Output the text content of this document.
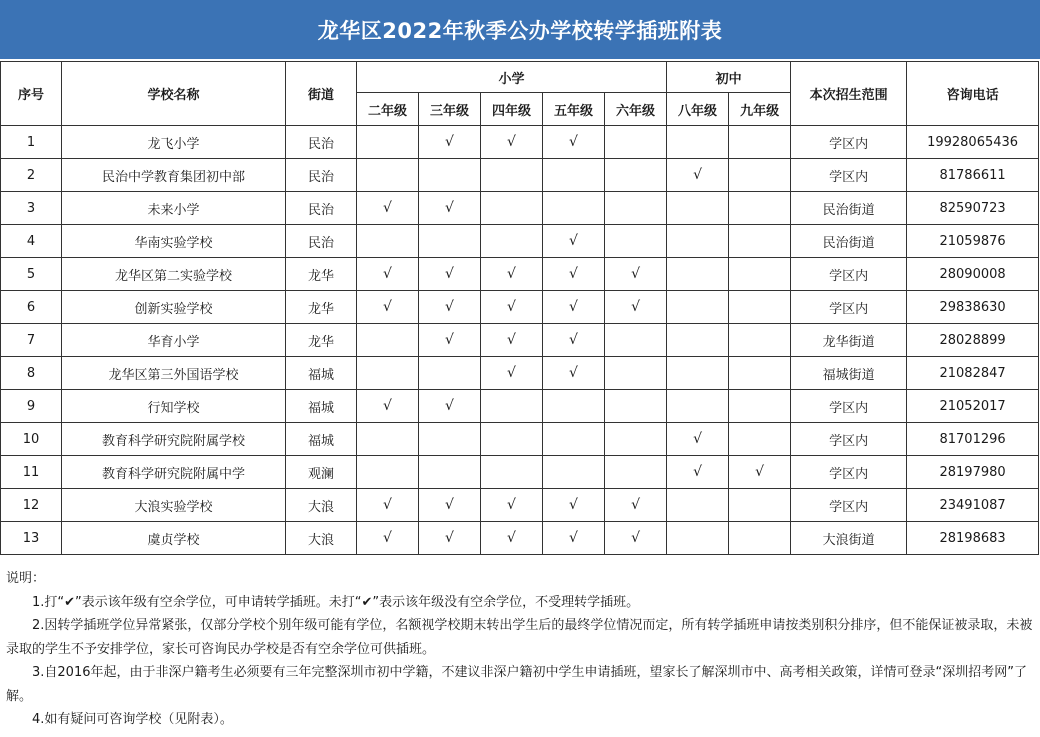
龙华区2022年秋季公办学校转学插班附表
序号	学校名称	街道	小学					初中		本次招生范围	咨询电话
			二年级	三年级	四年级	五年级	六年级	八年级	九年级		
1	龙飞小学	民治		√	√	√				学区内	19928065436
2	民治中学教育集团初中部	民治						√		学区内	81786611
3	未来小学	民治	√	√						民治街道	82590723
4	华南实验学校	民治				√				民治街道	21059876
5	龙华区第二实验学校	龙华	√	√	√	√	√			学区内	28090008
6	创新实验学校	龙华	√	√	√	√	√			学区内	29838630
7	华育小学	龙华		√	√	√				龙华街道	28028899
8	龙华区第三外国语学校	福城			√	√				福城街道	21082847
9	行知学校	福城	√	√						学区内	21052017
10	教育科学研究院附属学校	福城						√		学区内	81701296
11	教育科学研究院附属中学	观澜						√	√	学区内	28197980
12	大浪实验学校	大浪	√	√	√	√	√			学区内	23491087
13	虞贞学校	大浪	√	√	√	√	√			大浪街道	28198683

说明：

1.打“✔”表示该年级有空余学位，可申请转学插班。未打“✔”表示该年级没有空余学位，不受理转学插班。

2.因转学插班学位异常紧张，仅部分学校个别年级可能有学位，名额视学校期末转出学生后的最终学位情况而定，所有转学插班申请按类别积分排序，但不能保证被录取，未被录取的学生不予安排学位，家长可咨询民办学校是否有空余学位可供插班。

3.自2016年起，由于非深户籍考生必须要有三年完整深圳市初中学籍，不建议非深户籍初中学生申请插班，望家长了解深圳市中、高考相关政策，详情可登录“深圳招考网”了解。

4.如有疑问可咨询学校（见附表）。
